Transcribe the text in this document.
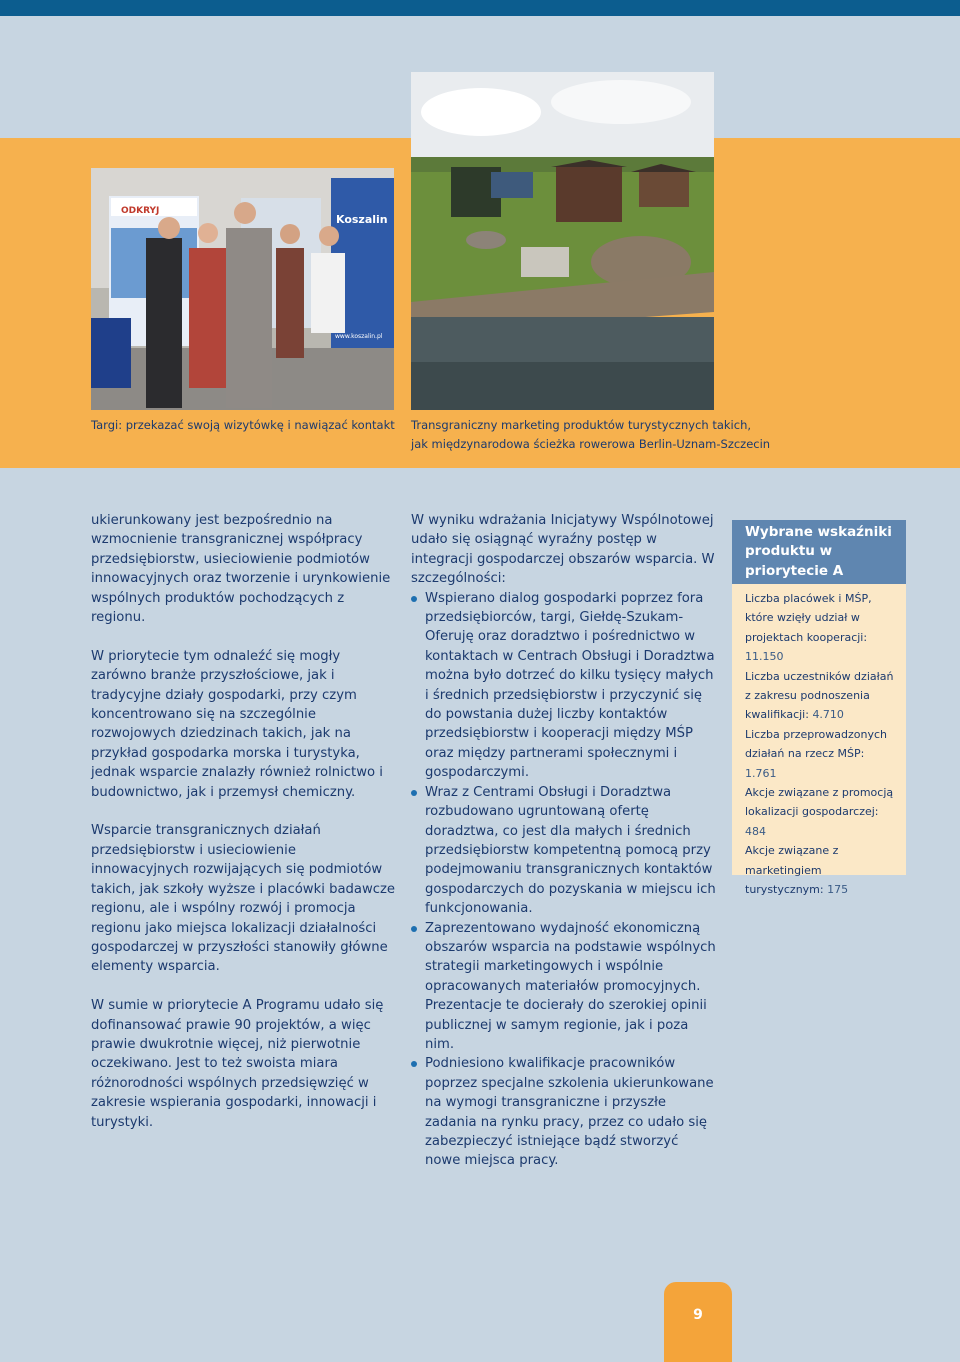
ODKRYJ
Koszalin
www.koszalin.pl
Targi: przekazać swoją wizytówkę i nawiązać kontakt	Transgraniczny marketing produktów turystycznych takich,
jak międzynarodowa ścieżka rowerowa Berlin-Uznam-Szczecin

ukierunkowany jest bezpośrednio na wzmocnienie transgranicznej współpracy przedsiębiorstw, usieciowienie podmiotów innowacyjnych oraz tworzenie i urynkowienie wspólnych produktów pochodzących z regionu.

W priorytecie tym odnaleźć się mogły zarówno branże przyszłościowe, jak i tradycyjne działy gospodarki, przy czym koncentrowano się na szczególnie rozwojowych dziedzinach takich, jak na przykład gospodarka morska i turystyka, jednak wsparcie znalazły również rolnictwo i budownictwo, jak i przemysł chemiczny.

Wsparcie transgranicznych działań przedsiębiorstw i usieciowienie innowacyjnych rozwijających się podmiotów takich, jak szkoły wyższe i placówki badawcze regionu, ale i wspólny rozwój i promocja regionu jako miejsca lokalizacji działalności gospodarczej w przyszłości stanowiły główne elementy wsparcia.

W sumie w priorytecie A Programu udało się dofinansować prawie 90 projektów, a więc prawie dwukrotnie więcej, niż pierwotnie oczekiwano. Jest to też swoista miara różnorodności wspólnych przedsięwzięć w zakresie wspierania gospodarki, innowacji i turystyki.

W wyniku wdrażania Inicjatywy Wspólnotowej udało się osiągnąć wyraźny postęp w integracji gospodarczej obszarów wsparcia. W szczególności:
Wspierano dialog gospodarki poprzez fora przedsiębiorców, targi, Giełdę-Szukam-Oferuję oraz doradztwo i pośrednictwo w kontaktach w Centrach Obsługi i Doradztwa można było dotrzeć do kilku tysięcy małych i średnich przedsiębiorstw i przyczynić się do powstania dużej liczby kontaktów przedsiębiorstw i kooperacji między MŚP oraz między partnerami społecznymi i gospodarczymi.
Wraz z Centrami Obsługi i Doradztwa rozbudowano ugruntowaną ofertę doradztwa, co jest dla małych i średnich przedsiębiorstw kompetentną pomocą przy podejmowaniu transgranicznych kontaktów gospodarczych do pozyskania w miejscu ich funkcjonowania.
Zaprezentowano wydajność ekonomiczną obszarów wsparcia na podstawie wspólnych strategii marketingowych i wspólnie opracowanych materiałów promocyjnych. Prezentacje te docierały do szerokiej opinii publicznej w samym regionie, jak i poza nim.
Podniesiono kwalifikacje pracowników poprzez specjalne szkolenia ukierunkowane na wymogi transgraniczne i przyszłe zadania na rynku pracy, przez co udało się zabezpieczyć istniejące bądź stworzyć nowe miejsca pracy.
Wybrane wskaźniki produktu w priorytecie A
Liczba placówek i MŚP, które wzięły udział w projektach kooperacji: 11.150
Liczba uczestników działań z zakresu podnoszenia kwalifikacji: 4.710
Liczba przeprowadzonych działań na rzecz MŚP: 1.761
Akcje związane z promocją lokalizacji gospodarczej: 484
Akcje związane z marketingiem turystycznym: 175
9
